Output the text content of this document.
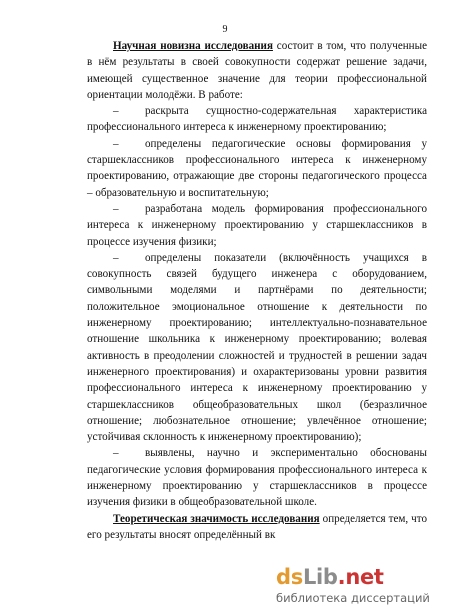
9

Научная новизна исследования состоит в том, что полученные в нём результаты в своей совокупности содержат решение задачи, имеющей существенное значение для теории профессиональной ориентации молодёжи. В работе:

– раскрыта сущностно-содержательная характеристика профессионального интереса к инженерному проектированию;

– определены педагогические основы формирования у старшеклассников профессионального интереса к инженерному проектированию, отражающие две стороны педагогического процесса – образовательную и воспитательную;

– разработана модель формирования профессионального интереса к инженерному проектированию у старшеклассников в процессе изучения физики;

– определены показатели (включённость учащихся в совокупность связей будущего инженера с оборудованием, символьными моделями и партнёрами по деятельности; положительное эмоциональное отношение к деятельности по инженерному проектированию; интеллектуально-познавательное отношение школьника к инженерному проектированию; волевая активность в преодолении сложностей и трудностей в решении задач инженерного проектирования) и охарактеризованы уровни развития профессионального интереса к инженерному проектированию у старшеклассников общеобразовательных школ (безразличное отношение; любознательное отношение; увлечённое отношение; устойчивая склонность к инженерному проектированию);

– выявлены, научно и экспериментально обоснованы педагогические условия формирования профессионального интереса к инженерному проектированию у старшеклассников в процессе изучения физики в общеобразовательной школе.

Теоретическая значимость исследования определяется тем, что его результаты вносят определённый вк

dsLib.net
библиотека диссертаций
